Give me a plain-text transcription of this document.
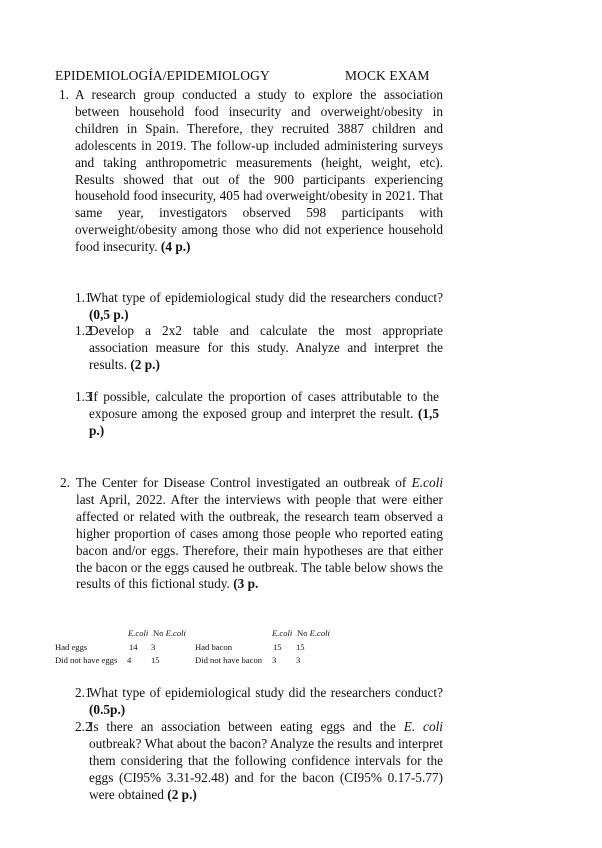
EPIDEMIOLOGÍA/EPIDEMIOLOGY	MOCK EXAM
1. A research group conducted a study to explore the association between household food insecurity and overweight/obesity in children in Spain. Therefore, they recruited 3887 children and adolescents in 2019. The follow-up included administering surveys and taking anthropometric measurements (height, weight, etc). Results showed that out of the 900 participants experiencing household food insecurity, 405 had overweight/obesity in 2021. That same year, investigators observed 598 participants with overweight/obesity among those who did not experience household food insecurity. (4 p.)

1.1

What type of epidemiological study did the researchers conduct? (0,5 p.)

1.2

Develop a 2x2 table and calculate the most appropriate association measure for this study. Analyze and interpret the results. (2 p.)

1.3

If possible, calculate the proportion of cases attributable to the exposure among the exposed group and interpret the result. (1,5 p.)

2. The Center for Disease Control investigated an outbreak of E.coli last April, 2022. After the interviews with people that were either affected or related with the outbreak, the research team observed a higher proportion of cases among those people who reported eating bacon and/or eggs. Therefore, their main hypotheses are that either the bacon or the eggs caused he outbreak. The table below shows the results of this fictional study. (3 p.

E.coli No E.coli	E.coli No E.coli
Had eggs	14 3	Had bacon	15 15
Did not have eggs 4 15	Did not have bacon 3 3
2.1

What type of epidemiological study did the researchers conduct? (0.5p.)

2.2

Is there an association between eating eggs and the E. coli outbreak? What about the bacon? Analyze the results and interpret them considering that the following confidence intervals for the eggs (CI95% 3.31-92.48) and for the bacon (CI95% 0.17-5.77) were obtained (2 p.)
